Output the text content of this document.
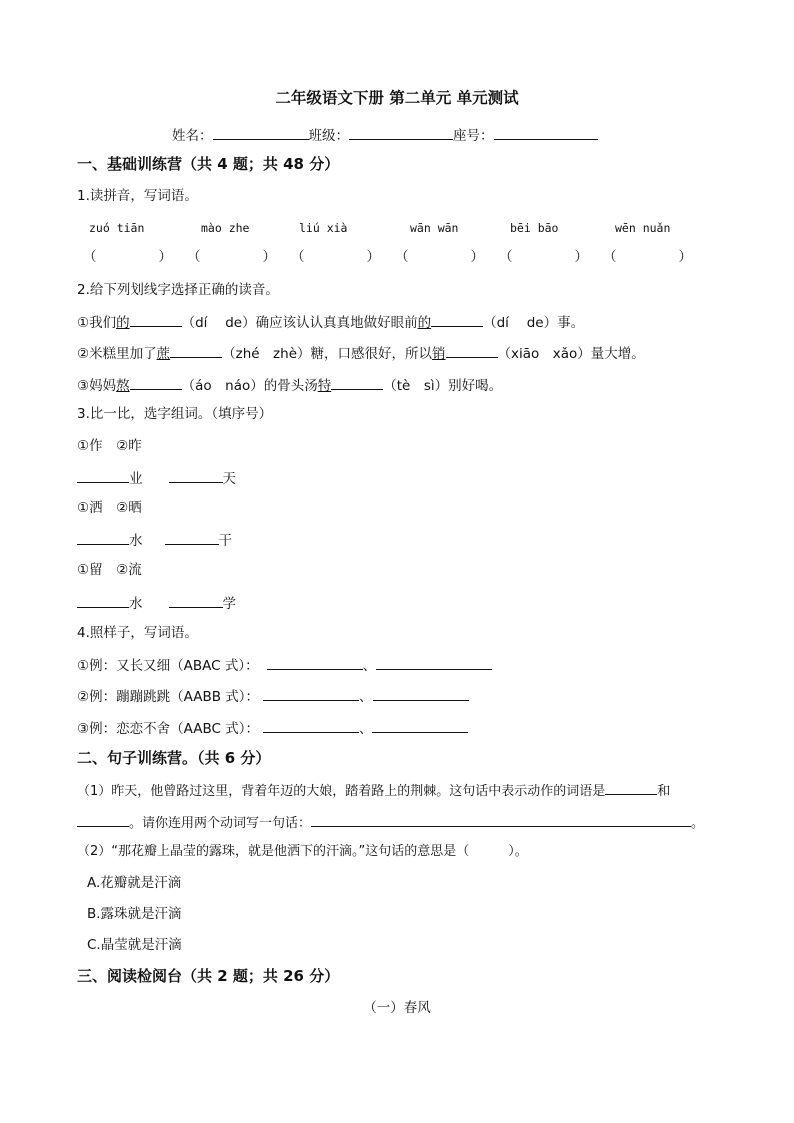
二年级语文下册 第二单元 单元测试
姓名：	班级：	座号：
一、基础训练营（共 4 题；共 48 分）
1.读拼音，写词语。
zuó tiān	mào zhe	liú xià	wān wān	bēi bāo	wēn nuǎn
（	） （	） （	） （	） （	） （	）
2.给下列划线字选择正确的读音。
①我们的	（dí　 de）确应该认认真真地做好眼前的	（dí　 de）事。
②米糕里加了蔗	（zhé　zhè）糖，口感很好，所以销	（xiāo　xǎo）量大增。
③妈妈熬	（áo　náo）的骨头汤特	（tè　sì）别好喝。
3.比一比，选字组词。（填序号）
①作　②昨
业	天
①洒　②晒
水	干
①留　②流
水	学
4.照样子，写词语。
①例：又长又细（ABAC 式）：	、
②例：蹦蹦跳跳（AABB 式）：	、
③例：恋恋不舍（AABC 式）：	、
二、句子训练营。（共 6 分）
（1）昨天，他曾路过这里，背着年迈的大娘，踏着路上的荆棘。这句话中表示动作的词语是	和
。请你连用两个动词写一句话：	。
（2）“那花瓣上晶莹的露珠，就是他洒下的汗滴。”这句话的意思是（　　　）。
A.花瓣就是汗滴
B.露珠就是汗滴
C.晶莹就是汗滴
三、阅读检阅台（共 2 题；共 26 分）
（一）春风
